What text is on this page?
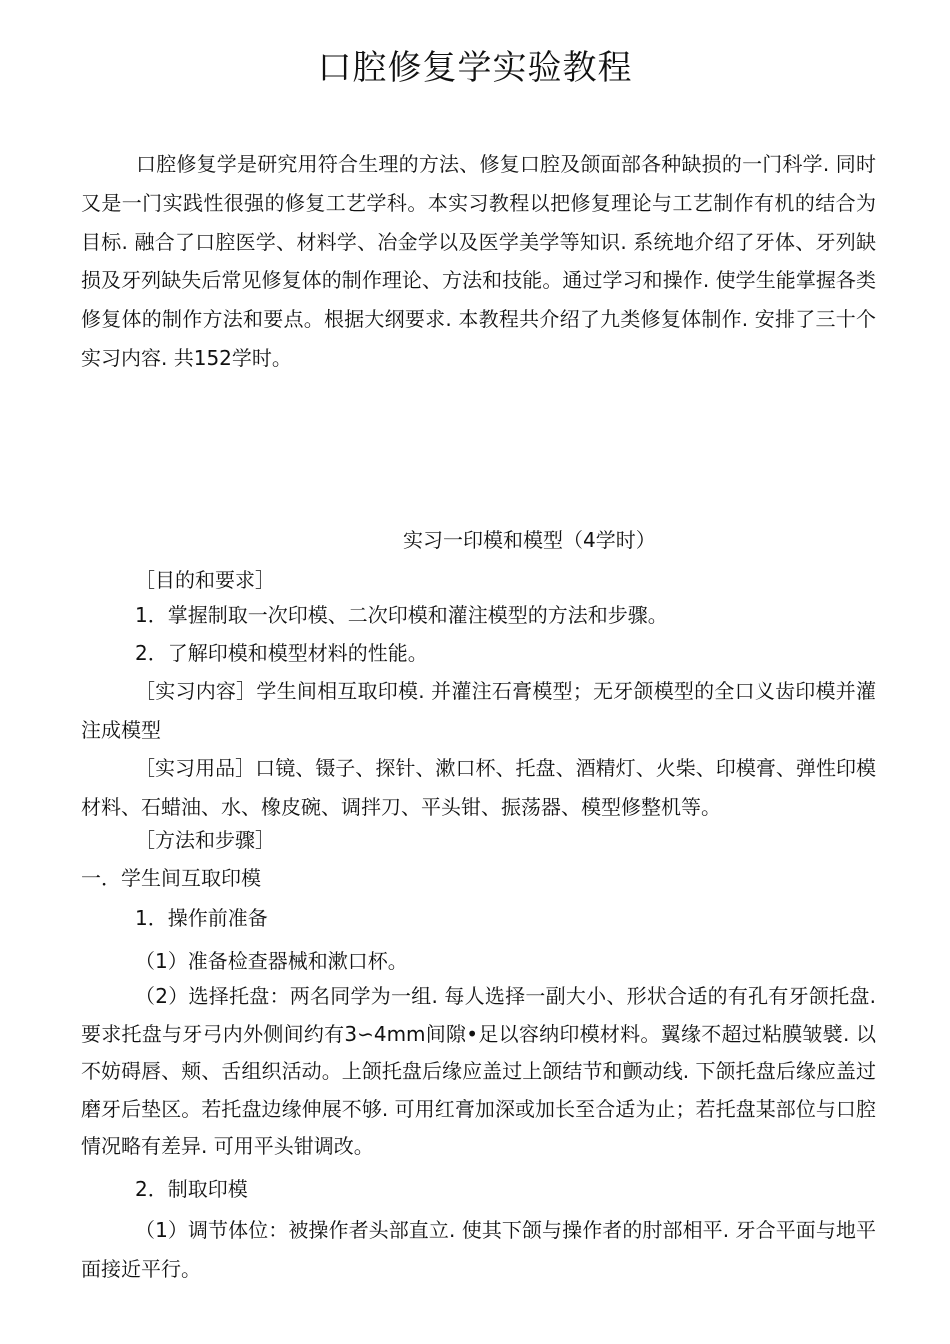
口腔修复学实验教程

口腔修复学是研究用符合生理的方法、修复口腔及颌面部各种缺损的一门科学. 同时又是一门实践性很强的修复工艺学科。本实习教程以把修复理论与工艺制作有机的结合为目标. 融合了口腔医学、材料学、冶金学以及医学美学等知识. 系统地介绍了牙体、牙列缺损及牙列缺失后常见修复体的制作理论、方法和技能。通过学习和操作. 使学生能掌握各类修复体的制作方法和要点。根据大纲要求. 本教程共介绍了九类修复体制作. 安排了三十个实习内容. 共152学时。

实习一印模和模型（4学时）

［目的和要求］

1．掌握制取一次印模、二次印模和灌注模型的方法和步骤。

2．了解印模和模型材料的性能。

［实习内容］学生间相互取印模. 并灌注石膏模型；无牙颌模型的全口义齿印模并灌注成模型

［实习用品］口镜、镊子、探针、漱口杯、托盘、酒精灯、火柴、印模膏、弹性印模材料、石蜡油、水、橡皮碗、调拌刀、平头钳、振荡器、模型修整机等。

［方法和步骤］

一．学生间互取印模

1．操作前准备

（1）准备检查器械和漱口杯。

（2）选择托盘：两名同学为一组. 每人选择一副大小、形状合适的有孔有牙颌托盘. 要求托盘与牙弓内外侧间约有3∽4mm间隙•足以容纳印模材料。翼缘不超过粘膜皱襞. 以不妨碍唇、颊、舌组织活动。上颌托盘后缘应盖过上颌结节和颤动线. 下颌托盘后缘应盖过磨牙后垫区。若托盘边缘伸展不够. 可用红膏加深或加长至合适为止；若托盘某部位与口腔情况略有差异. 可用平头钳调改。

2．制取印模

（1）调节体位：被操作者头部直立. 使其下颌与操作者的肘部相平. 牙合平面与地平面接近平行。
